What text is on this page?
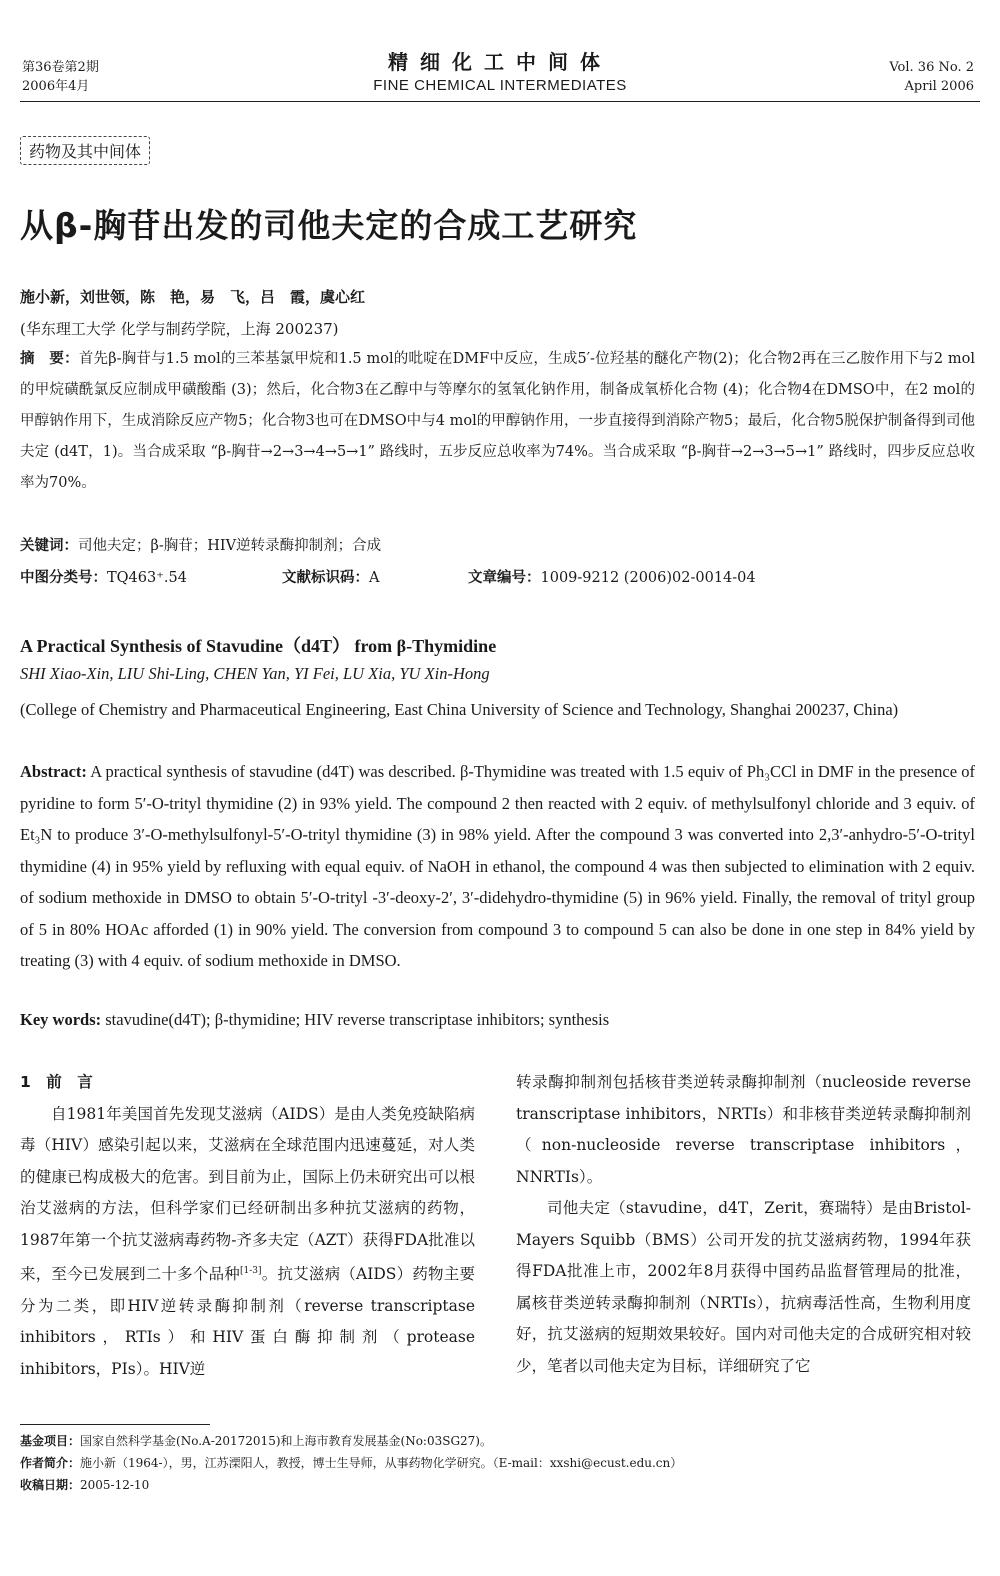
第36卷第2期
2006年4月
精细化工中间体
FINE CHEMICAL INTERMEDIATES
Vol. 36 No. 2
April 2006
药物及其中间体
从β-胸苷出发的司他夫定的合成工艺研究
施小新，刘世领，陈　艳，易　飞，吕　霞，虞心红
(华东理工大学 化学与制药学院，上海 200237)
摘　要：首先β-胸苷与1.5 mol的三苯基氯甲烷和1.5 mol的吡啶在DMF中反应，生成5′-位羟基的醚化产物(2)；化合物2再在三乙胺作用下与2 mol的甲烷磺酰氯反应制成甲磺酸酯 (3)；然后，化合物3在乙醇中与等摩尔的氢氧化钠作用，制备成氧桥化合物 (4)；化合物4在DMSO中，在2 mol的甲醇钠作用下，生成消除反应产物5；化合物3也可在DMSO中与4 mol的甲醇钠作用，一步直接得到消除产物5；最后，化合物5脱保护制备得到司他夫定 (d4T，1)。当合成采取 “β-胸苷→2→3→4→5→1” 路线时，五步反应总收率为74%。当合成采取 “β-胸苷→2→3→5→1” 路线时，四步反应总收率为70%。
关键词：司他夫定；β-胸苷；HIV逆转录酶抑制剂；合成
中图分类号：TQ463⁺.54	文献标识码：A	文章编号：1009-9212 (2006)02-0014-04
A Practical Synthesis of Stavudine（d4T） from β-Thymidine
SHI Xiao-Xin, LIU Shi-Ling, CHEN Yan, YI Fei, LU Xia, YU Xin-Hong
(College of Chemistry and Pharmaceutical Engineering, East China University of Science and Technology, Shanghai 200237, China)
Abstract: A practical synthesis of stavudine (d4T) was described. β-Thymidine was treated with 1.5 equiv of Ph₃CCl in DMF in the presence of pyridine to form 5′-O-trityl thymidine (2) in 93% yield. The compound 2 then reacted with 2 equiv. of methylsulfonyl chloride and 3 equiv. of Et₃N to produce 3′-O-methylsulfonyl-5′-O-trityl thymidine (3) in 98% yield. After the compound 3 was converted into 2,3′-anhydro-5′-O-trityl thymidine (4) in 95% yield by refluxing with equal equiv. of NaOH in ethanol, the compound 4 was then subjected to elimination with 2 equiv. of sodium methoxide in DMSO to obtain 5′-O-trityl -3′-deoxy-2′, 3′-didehydro-thymidine (5) in 96% yield. Finally, the removal of trityl group of 5 in 80% HOAc afforded (1) in 90% yield. The conversion from compound 3 to compound 5 can also be done in one step in 84% yield by treating (3) with 4 equiv. of sodium methoxide in DMSO.
Key words: stavudine(d4T); β-thymidine; HIV reverse transcriptase inhibitors; synthesis

1　前　言

自1981年美国首先发现艾滋病（AIDS）是由人类免疫缺陷病毒（HIV）感染引起以来，艾滋病在全球范围内迅速蔓延，对人类的健康已构成极大的危害。到目前为止，国际上仍未研究出可以根治艾滋病的方法，但科学家们已经研制出多种抗艾滋病的药物，1987年第一个抗艾滋病毒药物-齐多夫定（AZT）获得FDA批准以来，至今已发展到二十多个品种[1-3]。抗艾滋病（AIDS）药物主要分为二类，即HIV逆转录酶抑制剂（reverse transcriptase inhibitors，RTIs）和HIV蛋白酶抑制剂（protease inhibitors，PIs）。HIV逆

转录酶抑制剂包括核苷类逆转录酶抑制剂（nucleoside reverse transcriptase inhibitors，NRTIs）和非核苷类逆转录酶抑制剂（non-nucleoside reverse transcriptase inhibitors，NNRTIs）。

司他夫定（stavudine，d4T，Zerit，赛瑞特）是由Bristol-Mayers Squibb（BMS）公司开发的抗艾滋病药物，1994年获得FDA批准上市，2002年8月获得中国药品监督管理局的批准，属核苷类逆转录酶抑制剂（NRTIs），抗病毒活性高，生物利用度好，抗艾滋病的短期效果较好。国内对司他夫定的合成研究相对较少，笔者以司他夫定为目标，详细研究了它

基金项目：国家自然科学基金(No.A-20172015)和上海市教育发展基金(No:03SG27)。
作者简介：施小新（1964-），男，江苏溧阳人，教授，博士生导师，从事药物化学研究。（E-mail：xxshi@ecust.edu.cn）
收稿日期：2005-12-10
